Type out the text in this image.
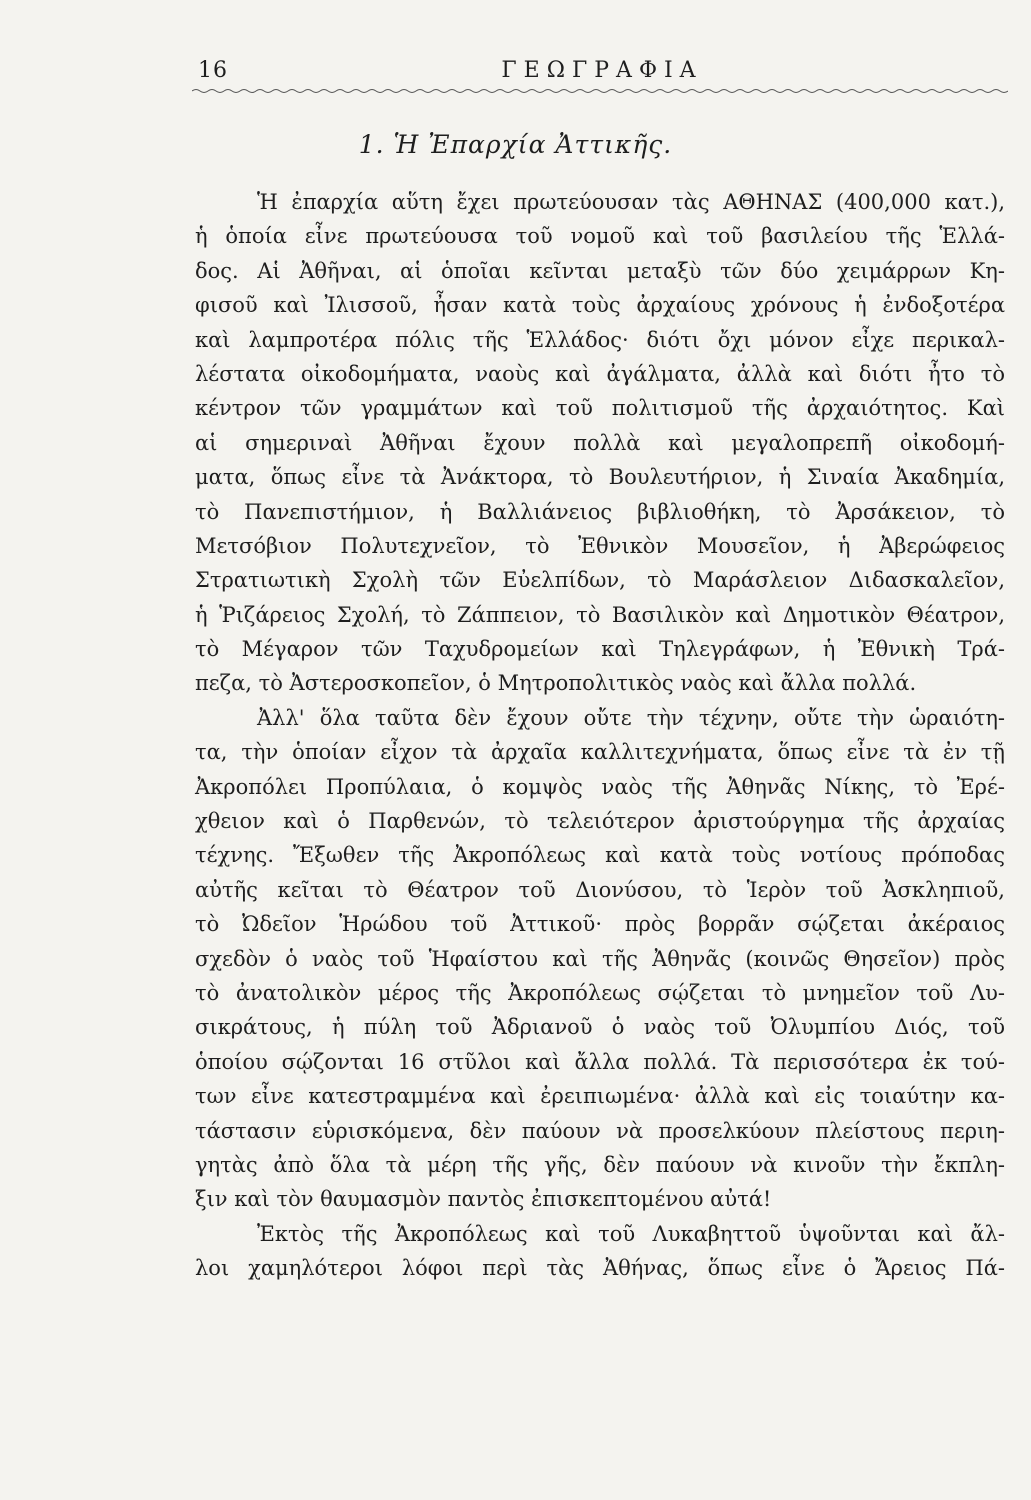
16	ΓΕΩΓΡΑΦΙΑ
1. Ἡ Ἐπαρχία Ἀττικῆς.
Ἡ ἐπαρχία αὕτη ἔχει πρωτεύουσαν τὰς ΑΘΗΝΑΣ (400,000 κατ.),
ἡ ὁποία εἶνε πρωτεύουσα τοῦ νομοῦ καὶ τοῦ βασιλείου τῆς Ἑλλά-
δος. Αἱ Ἀθῆναι, αἱ ὁποῖαι κεῖνται μεταξὺ τῶν δύο χειμάρρων Κη-
φισοῦ καὶ Ἰλισσοῦ, ἦσαν κατὰ τοὺς ἀρχαίους χρόνους ἡ ἐνδοξοτέρα
καὶ λαμπροτέρα πόλις τῆς Ἑλλάδος· διότι ὄχι μόνον εἶχε περικαλ-
λέστατα οἰκοδομήματα, ναοὺς καὶ ἀγάλματα, ἀλλὰ καὶ διότι ἦτο τὸ
κέντρον τῶν γραμμάτων καὶ τοῦ πολιτισμοῦ τῆς ἀρχαιότητος. Καὶ
αἱ σημεριναὶ Ἀθῆναι ἔχουν πολλὰ καὶ μεγαλοπρεπῆ οἰκοδομή-
ματα, ὅπως εἶνε τὰ Ἀνάκτορα, τὸ Βουλευτήριον, ἡ Σιναία Ἀκαδημία,
τὸ Πανεπιστήμιον, ἡ Βαλλιάνειος βιβλιοθήκη, τὸ Ἀρσάκειον, τὸ
Μετσόβιον Πολυτεχνεῖον, τὸ Ἐθνικὸν Μουσεῖον, ἡ Ἀβερώφειος
Στρατιωτικὴ Σχολὴ τῶν Εὐελπίδων, τὸ Μαράσλειον Διδασκαλεῖον,
ἡ Ῥιζάρειος Σχολή, τὸ Ζάππειον, τὸ Βασιλικὸν καὶ Δημοτικὸν Θέατρον,
τὸ Μέγαρον τῶν Ταχυδρομείων καὶ Τηλεγράφων, ἡ Ἐθνικὴ Τρά-
πεζα, τὸ Ἀστεροσκοπεῖον, ὁ Μητροπολιτικὸς ναὸς καὶ ἄλλα πολλά.
Ἀλλ' ὅλα ταῦτα δὲν ἔχουν οὔτε τὴν τέχνην, οὔτε τὴν ὡραιότη-
τα, τὴν ὁποίαν εἶχον τὰ ἀρχαῖα καλλιτεχνήματα, ὅπως εἶνε τὰ ἐν τῇ
Ἀκροπόλει Προπύλαια, ὁ κομψὸς ναὸς τῆς Ἀθηνᾶς Νίκης, τὸ Ἐρέ-
χθειον καὶ ὁ Παρθενών, τὸ τελειότερον ἀριστούργημα τῆς ἀρχαίας
τέχνης. Ἔξωθεν τῆς Ἀκροπόλεως καὶ κατὰ τοὺς νοτίους πρόποδας
αὐτῆς κεῖται τὸ Θέατρον τοῦ Διονύσου, τὸ Ἱερὸν τοῦ Ἀσκληπιοῦ,
τὸ Ὠδεῖον Ἡρώδου τοῦ Ἀττικοῦ· πρὸς βορρᾶν σῴζεται ἀκέραιος
σχεδὸν ὁ ναὸς τοῦ Ἡφαίστου καὶ τῆς Ἀθηνᾶς (κοινῶς Θησεῖον) πρὸς
τὸ ἀνατολικὸν μέρος τῆς Ἀκροπόλεως σῴζεται τὸ μνημεῖον τοῦ Λυ-
σικράτους, ἡ πύλη τοῦ Ἀδριανοῦ ὁ ναὸς τοῦ Ὀλυμπίου Διός, τοῦ
ὁποίου σῴζονται 16 στῦλοι καὶ ἄλλα πολλά. Τὰ περισσότερα ἐκ τού-
των εἶνε κατεστραμμένα καὶ ἐρειπιωμένα· ἀλλὰ καὶ εἰς τοιαύτην κα-
τάστασιν εὑρισκόμενα, δὲν παύουν νὰ προσελκύουν πλείστους περιη-
γητὰς ἀπὸ ὅλα τὰ μέρη τῆς γῆς, δὲν παύουν νὰ κινοῦν τὴν ἔκπλη-
ξιν καὶ τὸν θαυμασμὸν παντὸς ἐπισκεπτομένου αὐτά!
Ἐκτὸς τῆς Ἀκροπόλεως καὶ τοῦ Λυκαβηττοῦ ὑψοῦνται καὶ ἄλ-
λοι χαμηλότεροι λόφοι περὶ τὰς Ἀθήνας, ὅπως εἶνε ὁ Ἄρειος Πά-
